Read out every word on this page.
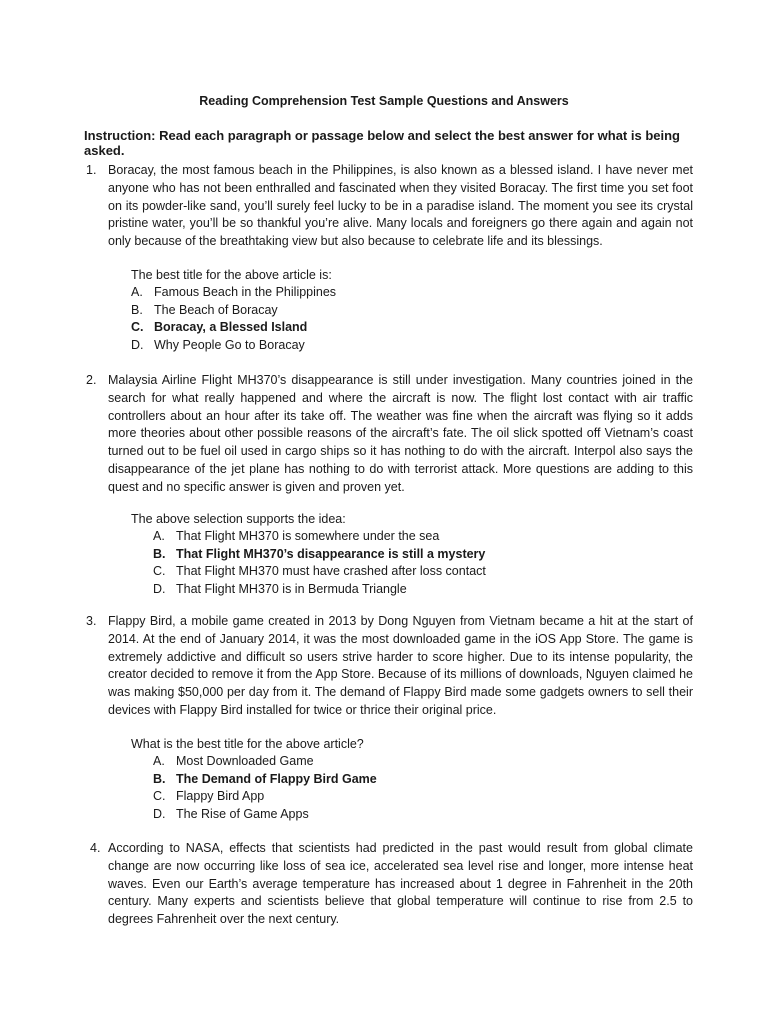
Reading Comprehension Test Sample Questions and Answers
Instruction: Read each paragraph or passage below and select the best answer for what is being asked.
1. Boracay, the most famous beach in the Philippines, is also known as a blessed island. I have never met anyone who has not been enthralled and fascinated when they visited Boracay. The first time you set foot on its powder-like sand, you’ll surely feel lucky to be in a paradise island. The moment you see its crystal pristine water, you’ll be so thankful you’re alive. Many locals and foreigners go there again and again not only because of the breathtaking view but also because to celebrate life and its blessings.

The best title for the above article is:
A. Famous Beach in the Philippines
B. The Beach of Boracay
C. Boracay, a Blessed Island
D. Why People Go to Boracay
2. Malaysia Airline Flight MH370’s disappearance is still under investigation. Many countries joined in the search for what really happened and where the aircraft is now. The flight lost contact with air traffic controllers about an hour after its take off. The weather was fine when the aircraft was flying so it adds more theories about other possible reasons of the aircraft’s fate. The oil slick spotted off Vietnam’s coast turned out to be fuel oil used in cargo ships so it has nothing to do with the aircraft. Interpol also says the disappearance of the jet plane has nothing to do with terrorist attack. More questions are adding to this quest and no specific answer is given and proven yet.

The above selection supports the idea:
A. That Flight MH370 is somewhere under the sea
B. That Flight MH370’s disappearance is still a mystery
C. That Flight MH370 must have crashed after loss contact
D. That Flight MH370 is in Bermuda Triangle
3. Flappy Bird, a mobile game created in 2013 by Dong Nguyen from Vietnam became a hit at the start of 2014. At the end of January 2014, it was the most downloaded game in the iOS App Store. The game is extremely addictive and difficult so users strive harder to score higher. Due to its intense popularity, the creator decided to remove it from the App Store. Because of its millions of downloads, Nguyen claimed he was making $50,000 per day from it. The demand of Flappy Bird made some gadgets owners to sell their devices with Flappy Bird installed for twice or thrice their original price.

What is the best title for the above article?
A. Most Downloaded Game
B. The Demand of Flappy Bird Game
C. Flappy Bird App
D. The Rise of Game Apps
4. According to NASA, effects that scientists had predicted in the past would result from global climate change are now occurring like loss of sea ice, accelerated sea level rise and longer, more intense heat waves. Even our Earth’s average temperature has increased about 1 degree in Fahrenheit in the 20th century. Many experts and scientists believe that global temperature will continue to rise from 2.5 to degrees Fahrenheit over the next century.
